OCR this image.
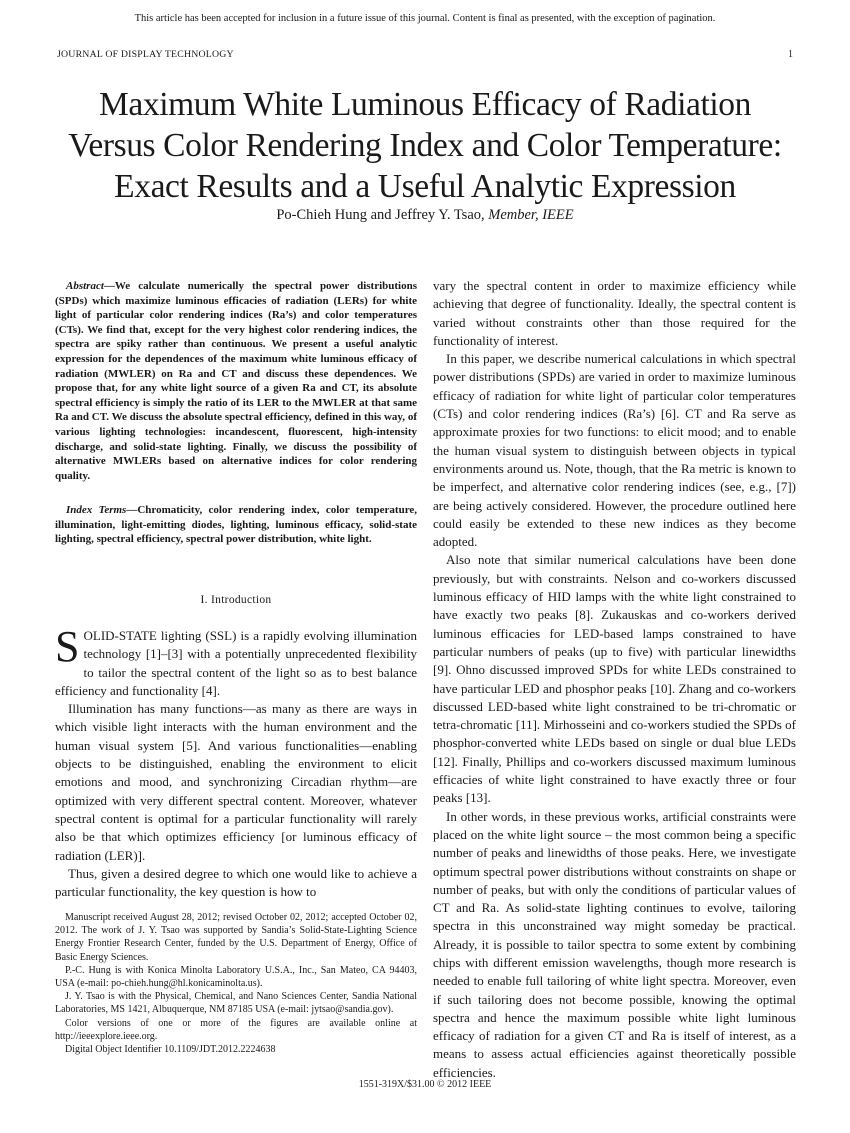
This article has been accepted for inclusion in a future issue of this journal. Content is final as presented, with the exception of pagination.
JOURNAL OF DISPLAY TECHNOLOGY	1
Maximum White Luminous Efficacy of Radiation
Versus Color Rendering Index and Color Temperature:
Exact Results and a Useful Analytic Expression
Po-Chieh Hung and Jeffrey Y. Tsao, Member, IEEE

Abstract—We calculate numerically the spectral power distributions (SPDs) which maximize luminous efficacies of radiation (LERs) for white light of particular color rendering indices (Ra’s) and color temperatures (CTs). We find that, except for the very highest color rendering indices, the spectra are spiky rather than continuous. We present a useful analytic expression for the dependences of the maximum white luminous efficacy of radiation (MWLER) on Ra and CT and discuss these dependences. We propose that, for any white light source of a given Ra and CT, its absolute spectral efficiency is simply the ratio of its LER to the MWLER at that same Ra and CT. We discuss the absolute spectral efficiency, defined in this way, of various lighting technologies: incandescent, fluorescent, high-intensity discharge, and solid-state lighting. Finally, we discuss the possibility of alternative MWLERs based on alternative indices for color rendering quality.

Index Terms—Chromaticity, color rendering index, color temperature, illumination, light-emitting diodes, lighting, luminous efficacy, solid-state lighting, spectral efficiency, spectral power distribution, white light.

I. Introduction

SOLID-STATE lighting (SSL) is a rapidly evolving illumination technology [1]–[3] with a potentially unprecedented flexibility to tailor the spectral content of the light so as to best balance efficiency and functionality [4].

Illumination has many functions—as many as there are ways in which visible light interacts with the human environment and the human visual system [5]. And various functionalities—enabling objects to be distinguished, enabling the environment to elicit emotions and mood, and synchronizing Circadian rhythm—are optimized with very different spectral content. Moreover, whatever spectral content is optimal for a particular functionality will rarely also be that which optimizes efficiency [or luminous efficacy of radiation (LER)].

Thus, given a desired degree to which one would like to achieve a particular functionality, the key question is how to

Manuscript received August 28, 2012; revised October 02, 2012; accepted October 02, 2012. The work of J. Y. Tsao was supported by Sandia’s Solid-State-Lighting Science Energy Frontier Research Center, funded by the U.S. Department of Energy, Office of Basic Energy Sciences.

P.-C. Hung is with Konica Minolta Laboratory U.S.A., Inc., San Mateo, CA 94403, USA (e-mail: po-chieh.hung@hl.konicaminolta.us).

J. Y. Tsao is with the Physical, Chemical, and Nano Sciences Center, Sandia National Laboratories, MS 1421, Albuquerque, NM 87185 USA (e-mail: jytsao@sandia.gov).

Color versions of one or more of the figures are available online at http://ieeexplore.ieee.org.

Digital Object Identifier 10.1109/JDT.2012.2224638

vary the spectral content in order to maximize efficiency while achieving that degree of functionality. Ideally, the spectral content is varied without constraints other than those required for the functionality of interest.

In this paper, we describe numerical calculations in which spectral power distributions (SPDs) are varied in order to maximize luminous efficacy of radiation for white light of particular color temperatures (CTs) and color rendering indices (Ra’s) [6]. CT and Ra serve as approximate proxies for two functions: to elicit mood; and to enable the human visual system to distinguish between objects in typical environments around us. Note, though, that the Ra metric is known to be imperfect, and alternative color rendering indices (see, e.g., [7]) are being actively considered. However, the procedure outlined here could easily be extended to these new indices as they become adopted.

Also note that similar numerical calculations have been done previously, but with constraints. Nelson and co-workers discussed luminous efficacy of HID lamps with the white light constrained to have exactly two peaks [8]. Zukauskas and co-workers derived luminous efficacies for LED-based lamps constrained to have particular numbers of peaks (up to five) with particular linewidths [9]. Ohno discussed improved SPDs for white LEDs constrained to have particular LED and phosphor peaks [10]. Zhang and co-workers discussed LED-based white light constrained to be tri-chromatic or tetra-chromatic [11]. Mirhosseini and co-workers studied the SPDs of phosphor-converted white LEDs based on single or dual blue LEDs [12]. Finally, Phillips and co-workers discussed maximum luminous efficacies of white light constrained to have exactly three or four peaks [13].

In other words, in these previous works, artificial constraints were placed on the white light source – the most common being a specific number of peaks and linewidths of those peaks. Here, we investigate optimum spectral power distributions without constraints on shape or number of peaks, but with only the conditions of particular values of CT and Ra. As solid-state lighting continues to evolve, tailoring spectra in this unconstrained way might someday be practical. Already, it is possible to tailor spectra to some extent by combining chips with different emission wavelengths, though more research is needed to enable full tailoring of white light spectra. Moreover, even if such tailoring does not become possible, knowing the optimal spectra and hence the maximum possible white light luminous efficacy of radiation for a given CT and Ra is itself of interest, as a means to assess actual efficiencies against theoretically possible efficiencies.

1551-319X/$31.00 © 2012 IEEE
